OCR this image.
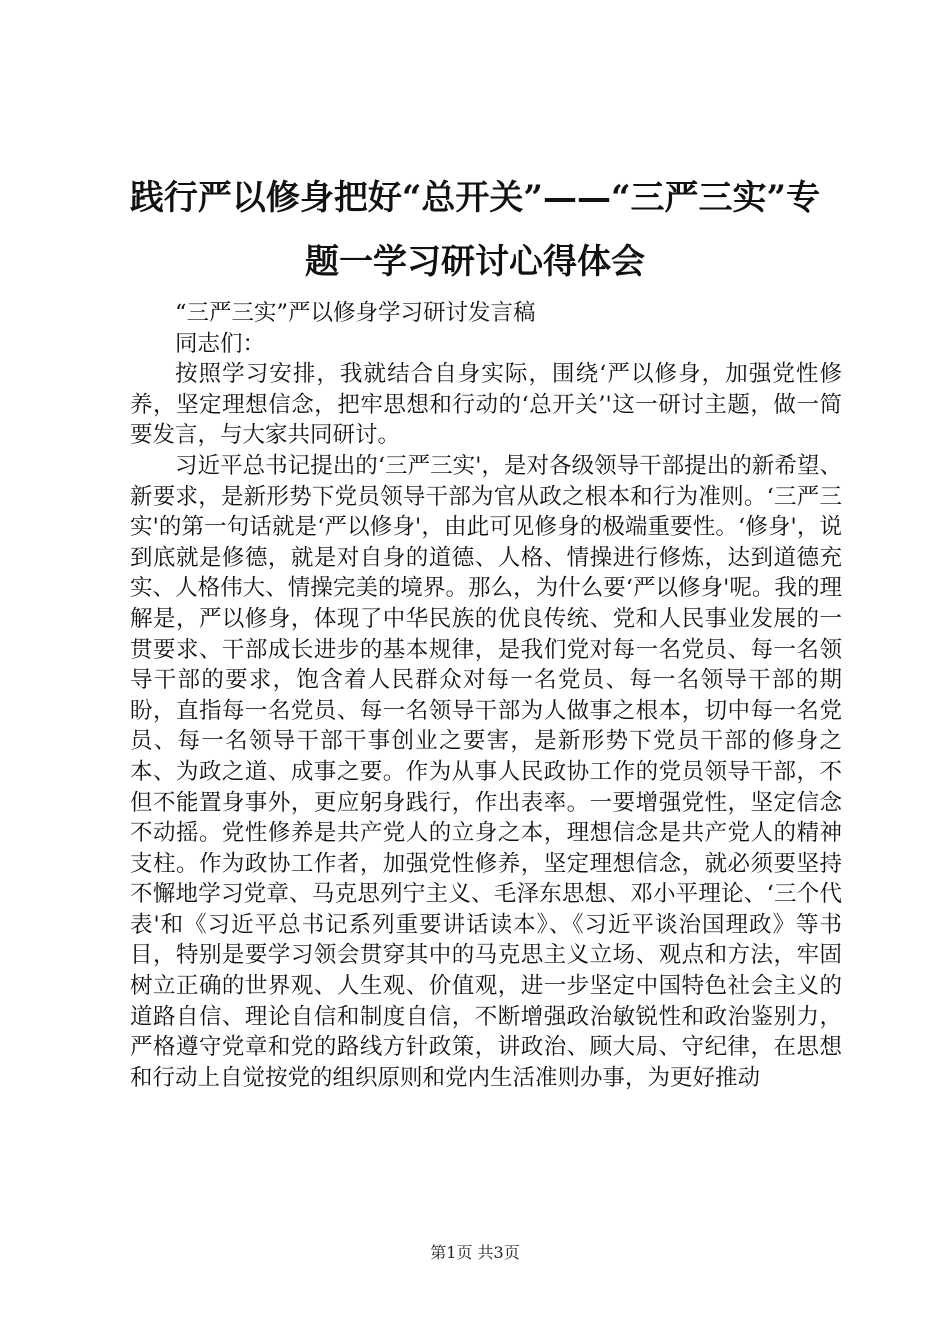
践行严以修身把好“总开关”——“三严三实”专题一学习研讨心得体会

“三严三实”严以修身学习研讨发言稿

同志们：

按照学习安排，我就结合自身实际，围绕‘严以修身，加强党性修养，坚定理想信念，把牢思想和行动的‘总开关’'这一研讨主题，做一简要发言，与大家共同研讨。

习近平总书记提出的‘三严三实'，是对各级领导干部提出的新希望、新要求，是新形势下党员领导干部为官从政之根本和行为准则。‘三严三实'的第一句话就是‘严以修身'，由此可见修身的极端重要性。‘修身'，说到底就是修德，就是对自身的道德、人格、情操进行修炼，达到道德充实、人格伟大、情操完美的境界。那么，为什么要‘严以修身'呢。我的理解是，严以修身，体现了中华民族的优良传统、党和人民事业发展的一贯要求、干部成长进步的基本规律，是我们党对每一名党员、每一名领导干部的要求，饱含着人民群众对每一名党员、每一名领导干部的期盼，直指每一名党员、每一名领导干部为人做事之根本，切中每一名党员、每一名领导干部干事创业之要害，是新形势下党员干部的修身之本、为政之道、成事之要。作为从事人民政协工作的党员领导干部，不但不能置身事外，更应躬身践行，作出表率。一要增强党性，坚定信念不动摇。党性修养是共产党人的立身之本，理想信念是共产党人的精神支柱。作为政协工作者，加强党性修养，坚定理想信念，就必须要坚持不懈地学习党章、马克思列宁主义、毛泽东思想、邓小平理论、‘三个代表'和《习近平总书记系列重要讲话读本》、《习近平谈治国理政》等书目，特别是要学习领会贯穿其中的马克思主义立场、观点和方法，牢固树立正确的世界观、人生观、价值观，进一步坚定中国特色社会主义的道路自信、理论自信和制度自信，不断增强政治敏锐性和政治鉴别力，严格遵守党章和党的路线方针政策，讲政治、顾大局、守纪律，在思想和行动上自觉按党的组织原则和党内生活准则办事，为更好推动

第1页 共3页
